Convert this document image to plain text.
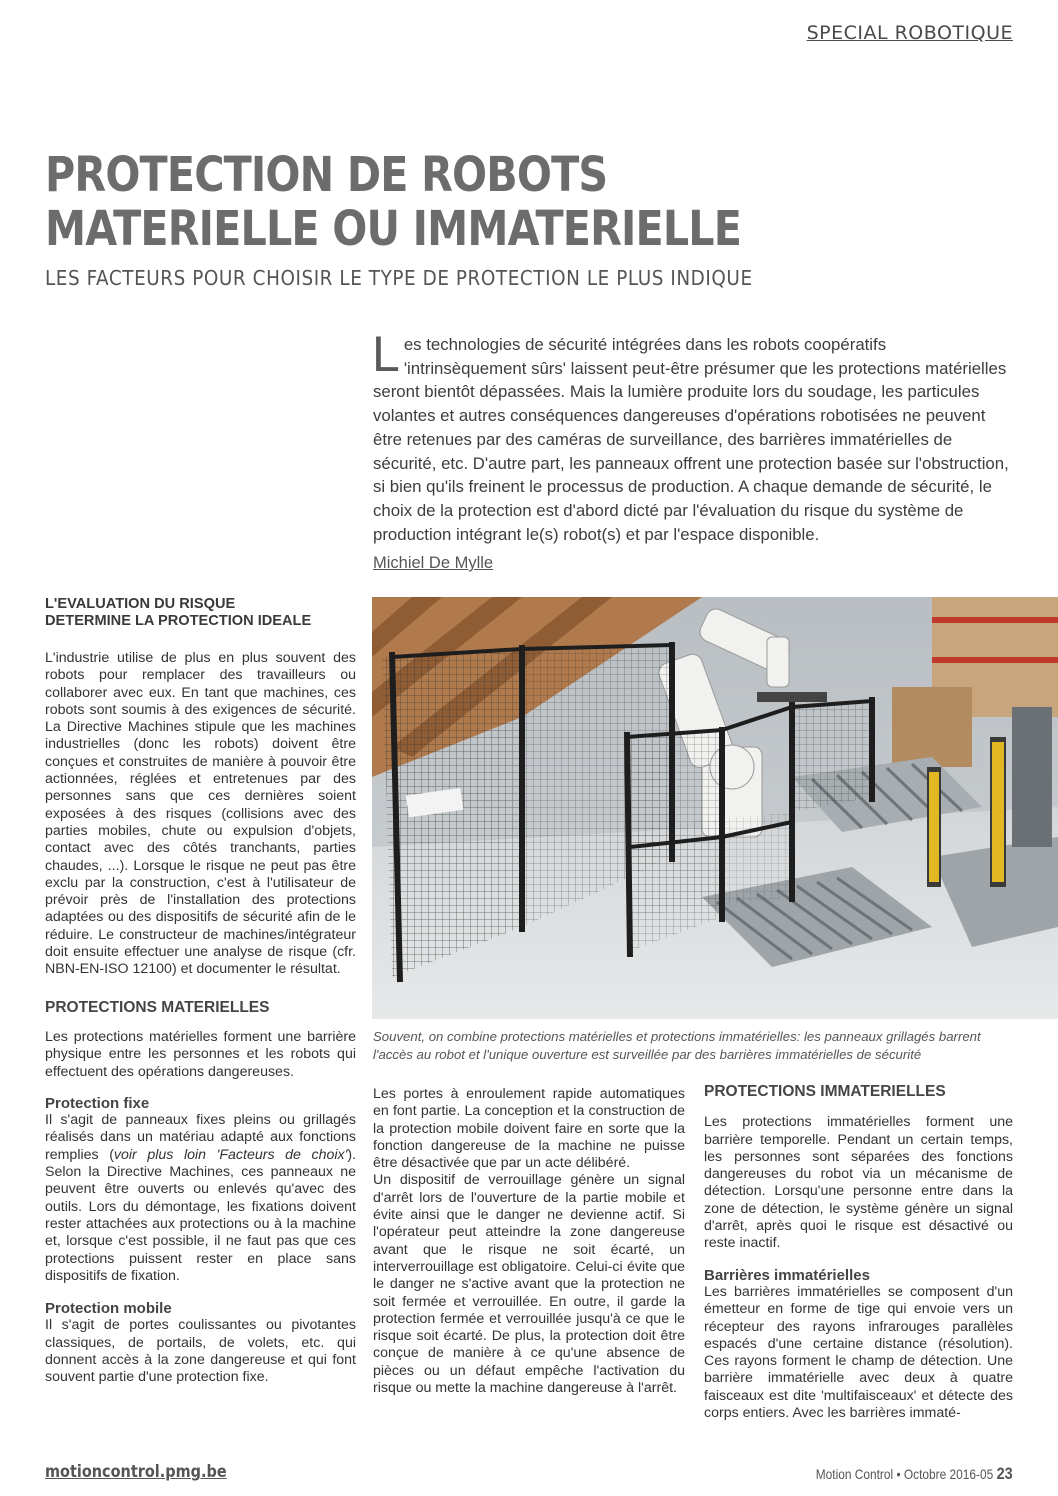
SPECIAL ROBOTIQUE
PROTECTION DE ROBOTS
MATERIELLE OU IMMATERIELLE
LES FACTEURS POUR CHOISIR LE TYPE DE PROTECTION LE PLUS INDIQUE
Les technologies de sécurité intégrées dans les robots coopératifs 'intrinsèquement sûrs' laissent peut-être présumer que les protections matérielles seront bientôt dépassées. Mais la lumière produite lors du soudage, les particules volantes et autres conséquences dangereuses d'opérations robotisées ne peuvent être retenues par des caméras de surveillance, des barrières immatérielles de sécurité, etc. D'autre part, les panneaux offrent une protection basée sur l'obstruction, si bien qu'ils freinent le processus de production. A chaque demande de sécurité, le choix de la protection est d'abord dicté par l'évaluation du risque du système de production intégrant le(s) robot(s) et par l'espace disponible.
Michiel De Mylle

L'EVALUATION DU RISQUE
DETERMINE LA PROTECTION IDEALE

L'industrie utilise de plus en plus souvent des robots pour remplacer des travailleurs ou collaborer avec eux. En tant que machines, ces robots sont soumis à des exigences de sécurité. La Directive Machines stipule que les machines industrielles (donc les robots) doivent être conçues et construites de manière à pouvoir être actionnées, réglées et entretenues par des personnes sans que ces dernières soient exposées à des risques (collisions avec des parties mobiles, chute ou expulsion d'objets, contact avec des côtés tranchants, parties chaudes, ...). Lorsque le risque ne peut pas être exclu par la construction, c'est à l'utilisateur de prévoir près de l'installation des protections adaptées ou des dispositifs de sécurité afin de le réduire. Le constructeur de machines/intégrateur doit ensuite effectuer une analyse de risque (cfr. NBN-EN-ISO 12100) et documenter le résultat.

PROTECTIONS MATERIELLES

Les protections matérielles forment une barrière physique entre les personnes et les robots qui effectuent des opérations dangereuses.

Protection fixe

Il s'agit de panneaux fixes pleins ou grillagés réalisés dans un matériau adapté aux fonctions remplies (voir plus loin 'Facteurs de choix'). Selon la Directive Machines, ces panneaux ne peuvent être ouverts ou enlevés qu'avec des outils. Lors du démontage, les fixations doivent rester attachées aux protections ou à la machine et, lorsque c'est possible, il ne faut pas que ces protections puissent rester en place sans dispositifs de fixation.

Protection mobile

Il s'agit de portes coulissantes ou pivotantes classiques, de portails, de volets, etc. qui donnent accès à la zone dangereuse et qui font souvent partie d'une protection fixe.

Souvent, on combine protections matérielles et protections immatérielles: les panneaux grillagés barrent
l'accès au robot et l'unique ouverture est surveillée par des barrières immatérielles de sécurité

Les portes à enroulement rapide automatiques en font partie. La conception et la construction de la protection mobile doivent faire en sorte que la fonction dangereuse de la machine ne puisse être désactivée que par un acte délibéré.

Un dispositif de verrouillage génère un signal d'arrêt lors de l'ouverture de la partie mobile et évite ainsi que le danger ne devienne actif. Si l'opérateur peut atteindre la zone dangereuse avant que le risque ne soit écarté, un interverrouillage est obligatoire. Celui-ci évite que le danger ne s'active avant que la protection ne soit fermée et verrouillée. En outre, il garde la protection fermée et verrouillée jusqu'à ce que le risque soit écarté. De plus, la protection doit être conçue de manière à ce qu'une absence de pièces ou un défaut empêche l'activation du risque ou mette la machine dangereuse à l'arrêt.

PROTECTIONS IMMATERIELLES

Les protections immatérielles forment une barrière temporelle. Pendant un certain temps, les personnes sont séparées des fonctions dangereuses du robot via un mécanisme de détection. Lorsqu'une personne entre dans la zone de détection, le système génère un signal d'arrêt, après quoi le risque est désactivé ou reste inactif.

Barrières immatérielles

Les barrières immatérielles se composent d'un émetteur en forme de tige qui envoie vers un récepteur des rayons infrarouges parallèles espacés d'une certaine distance (résolution). Ces rayons forment le champ de détection. Une barrière immatérielle avec deux à quatre faisceaux est dite 'multifaisceaux' et détecte des corps entiers. Avec les barrières immaté-

motioncontrol.pmg.be	Motion Control • Octobre 2016-05 23
